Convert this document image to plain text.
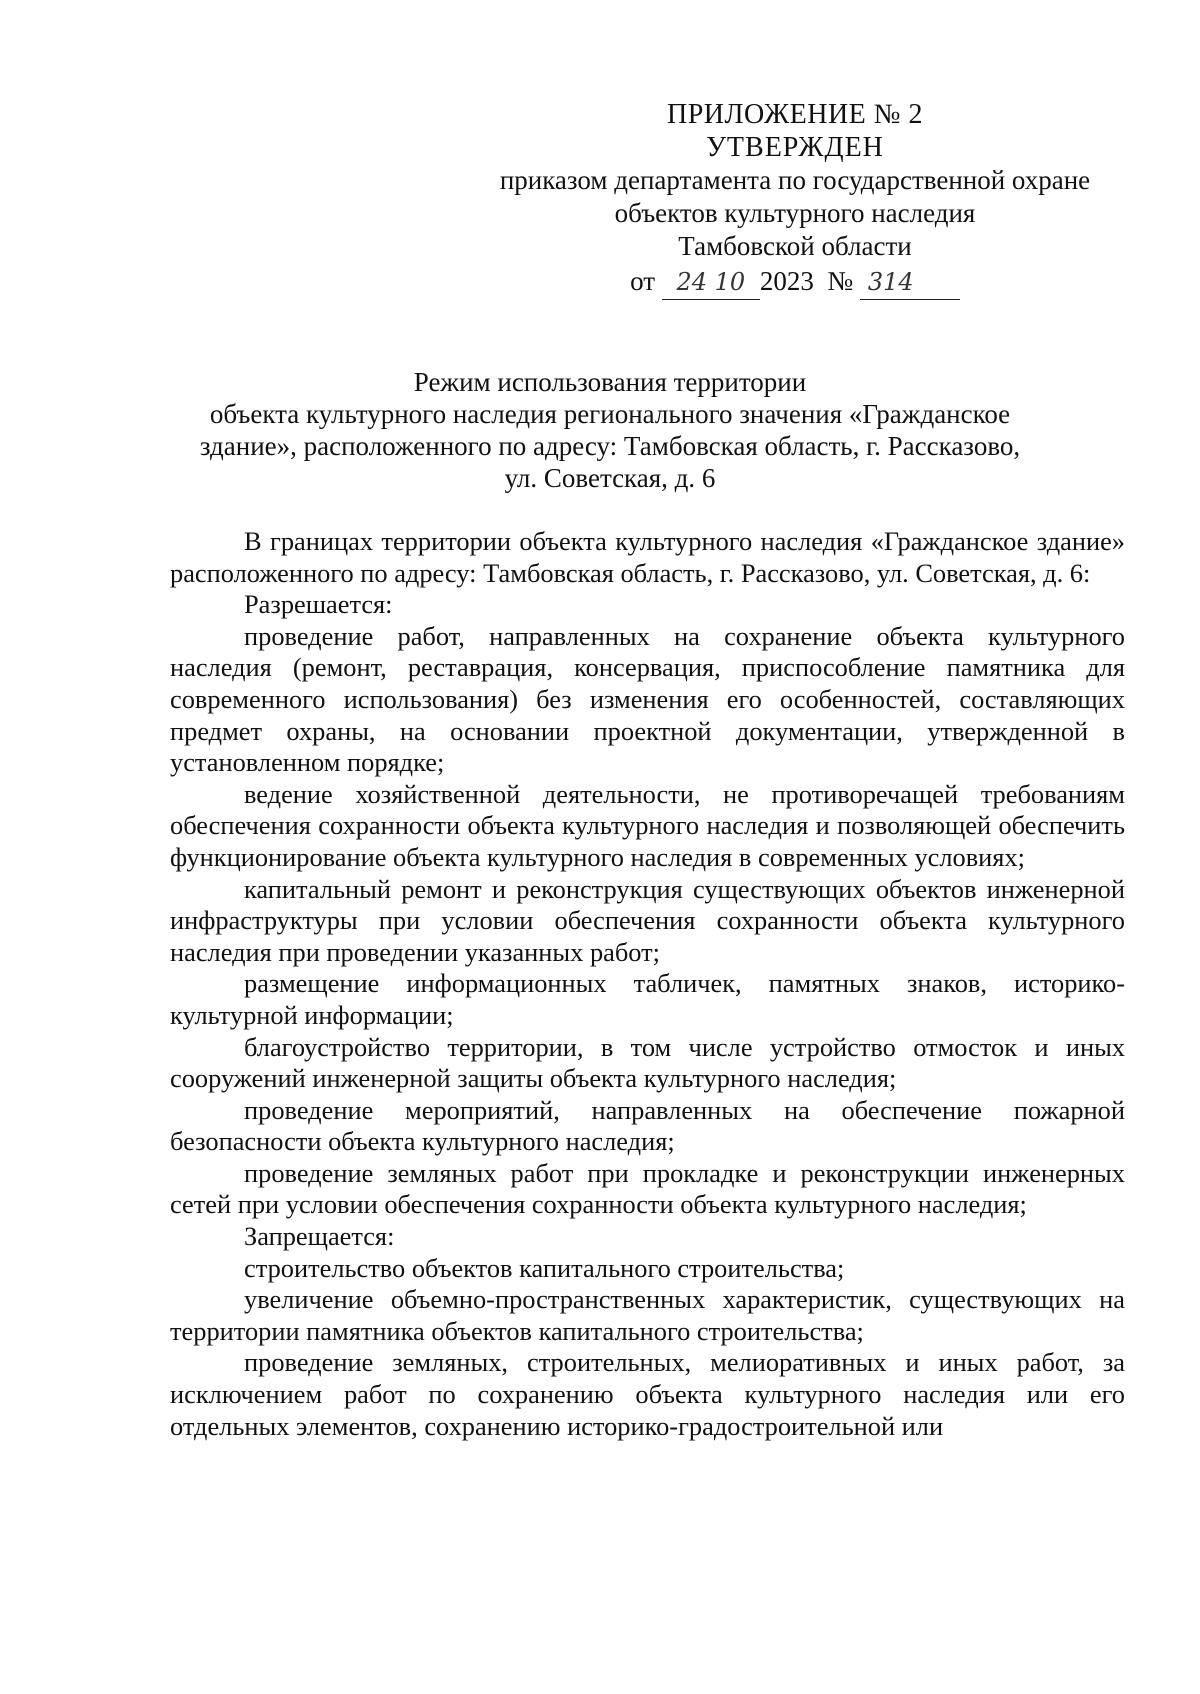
ПРИЛОЖЕНИЕ № 2
УТВЕРЖДЕН
приказом департамента по государственной охране
объектов культурного наследия
Тамбовской области
от 24 10 2023 № 314
Режим использования территории
объекта культурного наследия регионального значения «Гражданское
здание», расположенного по адресу: Тамбовская область, г. Рассказово,
ул. Советская, д. 6

В границах территории объекта культурного наследия «Гражданское здание» расположенного по адресу: Тамбовская область, г. Рассказово, ул. Советская, д. 6:

Разрешается:

проведение работ, направленных на сохранение объекта культурного наследия (ремонт, реставрация, консервация, приспособление памятника для современного использования) без изменения его особенностей, составляющих предмет охраны, на основании проектной документации, утвержденной в установленном порядке;

ведение хозяйственной деятельности, не противоречащей требованиям обеспечения сохранности объекта культурного наследия и позволяющей обеспечить функционирование объекта культурного наследия в современных условиях;

капитальный ремонт и реконструкция существующих объектов инженерной инфраструктуры при условии обеспечения сохранности объекта культурного наследия при проведении указанных работ;

размещение информационных табличек, памятных знаков, историко-культурной информации;

благоустройство территории, в том числе устройство отмосток и иных сооружений инженерной защиты объекта культурного наследия;

проведение мероприятий, направленных на обеспечение пожарной безопасности объекта культурного наследия;

проведение земляных работ при прокладке и реконструкции инженерных сетей при условии обеспечения сохранности объекта культурного наследия;

Запрещается:

строительство объектов капитального строительства;

увеличение объемно-пространственных характеристик, существующих на территории памятника объектов капитального строительства;

проведение земляных, строительных, мелиоративных и иных работ, за исключением работ по сохранению объекта культурного наследия или его отдельных элементов, сохранению историко-градостроительной или
